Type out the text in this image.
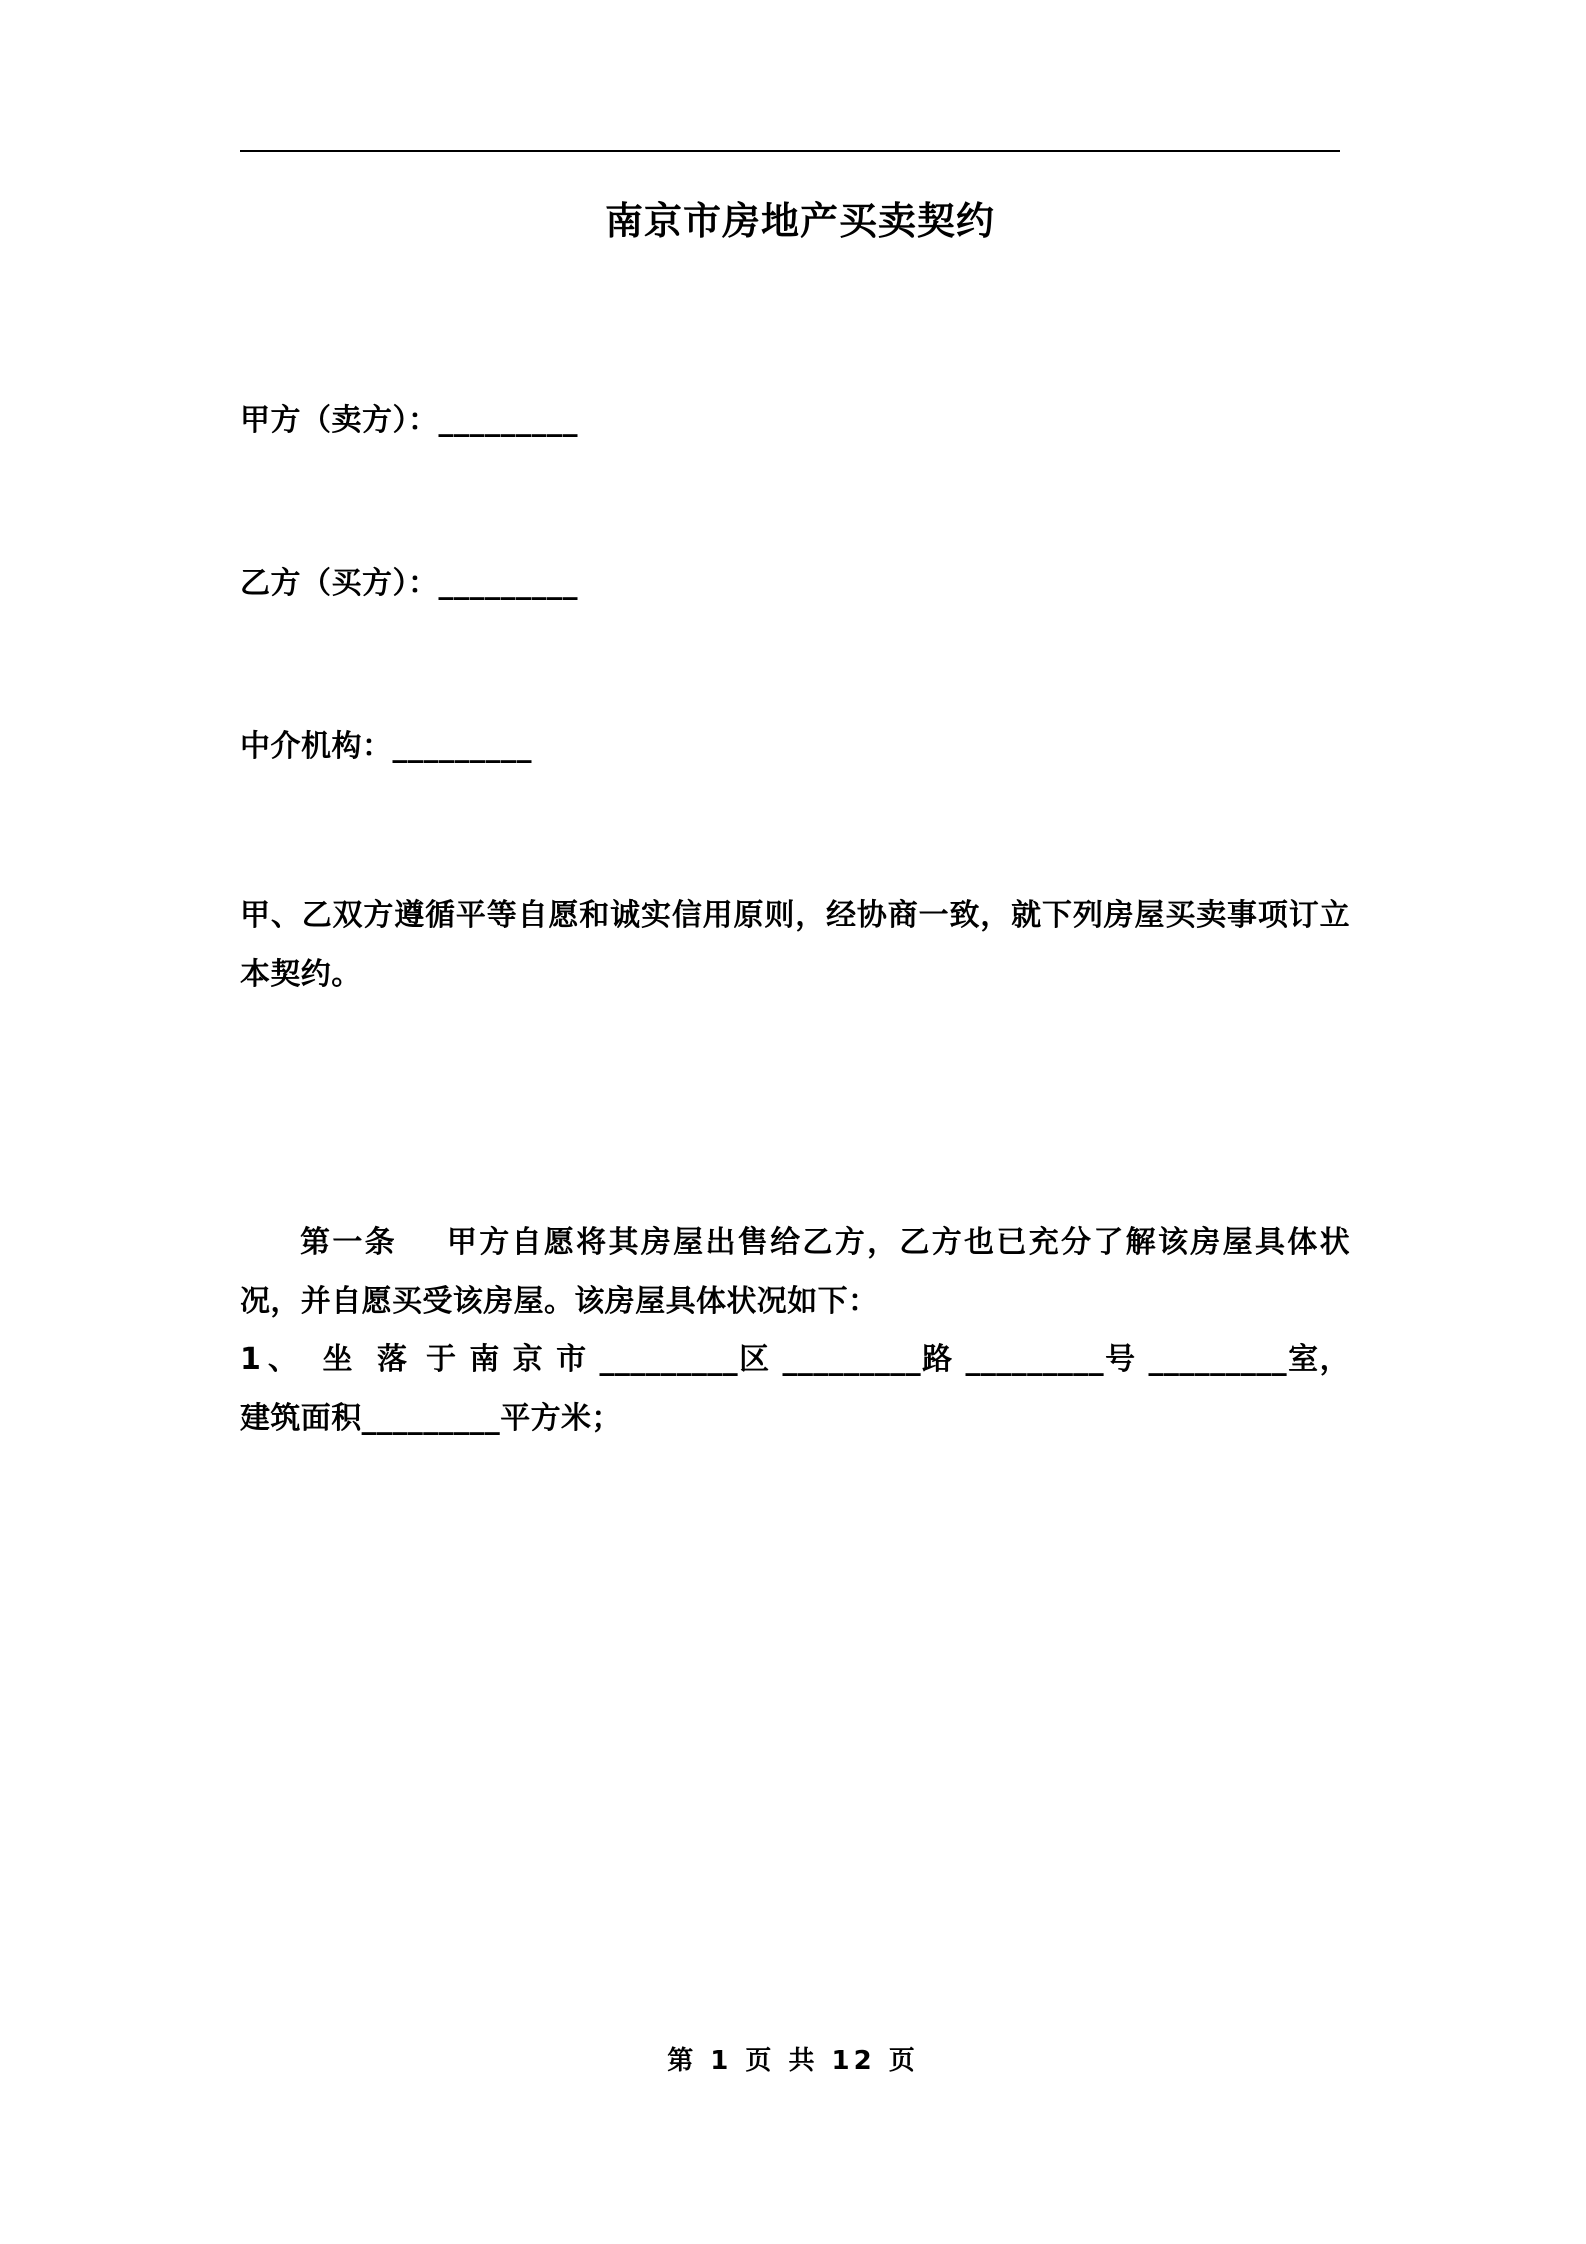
南京市房地产买卖契约
甲方（卖方）：_________
乙方（买方）：_________
中介机构：_________
甲、乙双方遵循平等自愿和诚实信用原则，经协商一致，就下列房屋买卖事项订立本契约。
第一条 甲方自愿将其房屋出售给乙方，乙方也已充分了解该房屋具体状况，并自愿买受该房屋。该房屋具体状况如下：
1、 坐 落 于 南 京 市 _________区 _________路 _________号 _________室，建筑面积_________平方米；
第 1 页 共 12 页
